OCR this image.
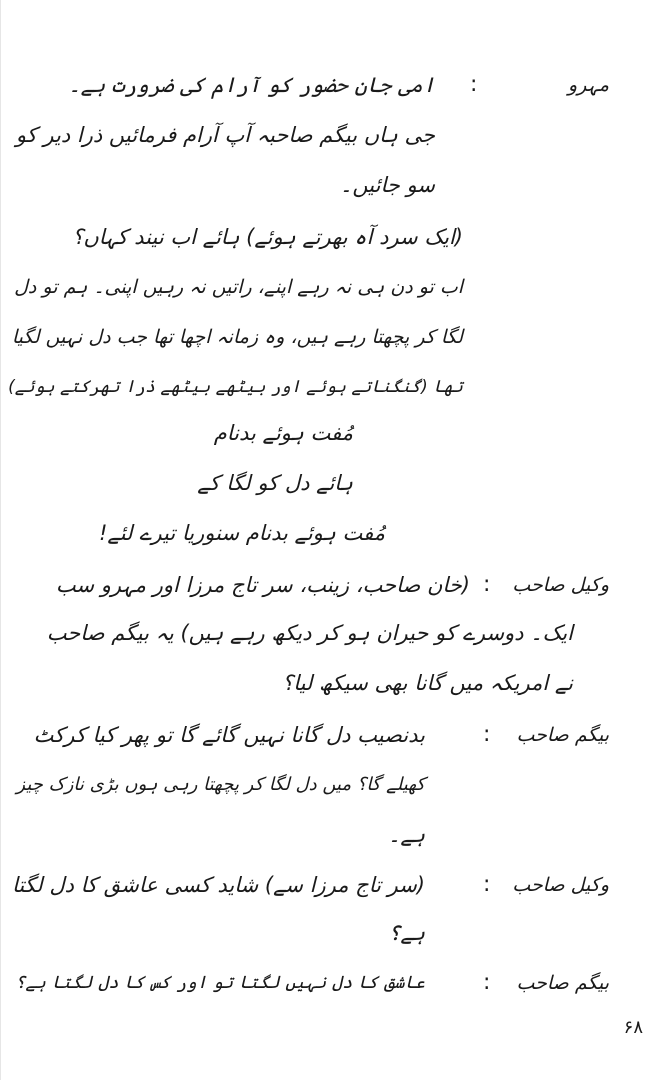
مہرو
:
امی جان حضور کو آرام کی ضرورت ہے۔
جی ہاں بیگم صاحبہ آپ آرام فرمائیں ذرا دیر کو
سو جائیں۔
(ایک سرد آہ بھرتے ہوئے) ہائے اب نیند کہاں؟
اب تو دن ہی نہ رہے اپنے، راتیں نہ رہیں اپنی۔ ہم تو دل
لگا کر پچھتا رہے ہیں، وہ زمانہ اچھا تھا جب دل نہیں لگیا
تھا (گنگناتے ہوئے اور بیٹھے بیٹھے ذرا تھرکتے ہوئے)
مُفت ہوئے بدنام
ہائے دل کو لگا کے
مُفت ہوئے بدنام سنوریا تیرے لئے!
وکیل صاحب
:
(خان صاحب، زینب، سر تاج مرزا اور مہرو سب
ایک۔ دوسرے کو حیران ہو کر دیکھ رہے ہیں) یہ بیگم صاحب
نے امریکہ میں گانا بھی سیکھ لیا؟
بیگم صاحب
:
بدنصیب دل گانا نہیں گائے گا تو پھر کیا کرکٹ
کھیلے گا؟ میں دل لگا کر پچھتا رہی ہوں بڑی نازک چیز
ہے۔
وکیل صاحب
:
(سر تاج مرزا سے) شاید کسی عاشق کا دل لگتا
ہے؟
بیگم صاحب
:
عاشق کا دل نہیں لگتا تو اور کس کا دل لگتا ہے؟
۶۸
